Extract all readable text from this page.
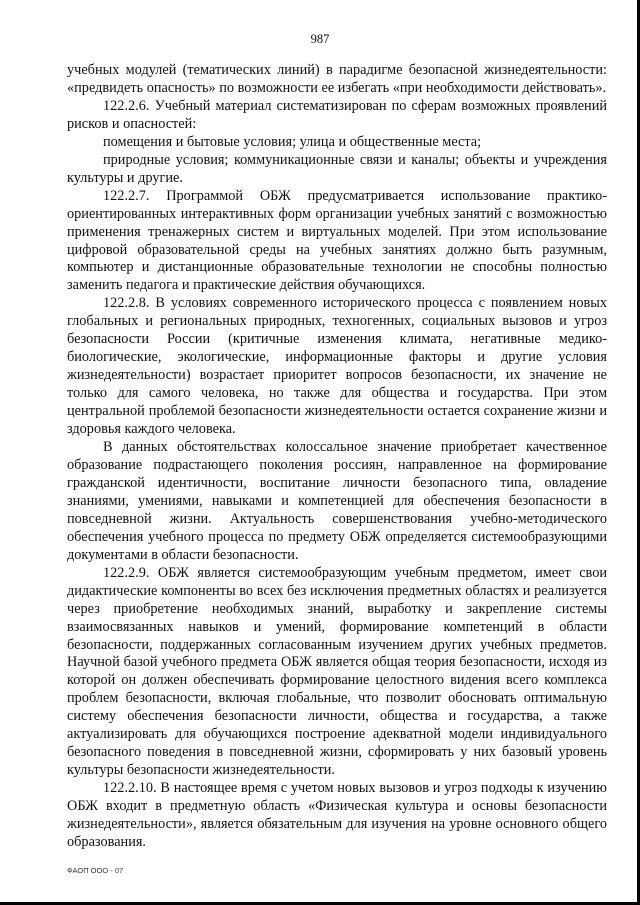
987

учебных модулей (тематических линий) в парадигме безопасной жизнедеятельности: «предвидеть опасность» по возможности ее избегать «при необходимости действовать».

122.2.6. Учебный материал систематизирован по сферам возможных проявлений рисков и опасностей:

помещения и бытовые условия; улица и общественные места;

природные условия; коммуникационные связи и каналы; объекты и учреждения культуры и другие.

122.2.7. Программой ОБЖ предусматривается использование практико-ориентированных интерактивных форм организации учебных занятий с возможностью применения тренажерных систем и виртуальных моделей. При этом использование цифровой образовательной среды на учебных занятиях должно быть разумным, компьютер и дистанционные образовательные технологии не способны полностью заменить педагога и практические действия обучающихся.

122.2.8. В условиях современного исторического процесса с появлением новых глобальных и региональных природных, техногенных, социальных вызовов и угроз безопасности России (критичные изменения климата, негативные медико-биологические, экологические, информационные факторы и другие условия жизнедеятельности) возрастает приоритет вопросов безопасности, их значение не только для самого человека, но также для общества и государства. При этом центральной проблемой безопасности жизнедеятельности остается сохранение жизни и здоровья каждого человека.

В данных обстоятельствах колоссальное значение приобретает качественное образование подрастающего поколения россиян, направленное на формирование гражданской идентичности, воспитание личности безопасного типа, овладение знаниями, умениями, навыками и компетенцией для обеспечения безопасности в повседневной жизни. Актуальность совершенствования учебно-методического обеспечения учебного процесса по предмету ОБЖ определяется системообразующими документами в области безопасности.

122.2.9. ОБЖ является системообразующим учебным предметом, имеет свои дидактические компоненты во всех без исключения предметных областях и реализуется через приобретение необходимых знаний, выработку и закрепление системы взаимосвязанных навыков и умений, формирование компетенций в области безопасности, поддержанных согласованным изучением других учебных предметов. Научной базой учебного предмета ОБЖ является общая теория безопасности, исходя из которой он должен обеспечивать формирование целостного видения всего комплекса проблем безопасности, включая глобальные, что позволит обосновать оптимальную систему обеспечения безопасности личности, общества и государства, а также актуализировать для обучающихся построение адекватной модели индивидуального безопасного поведения в повседневной жизни, сформировать у них базовый уровень культуры безопасности жизнедеятельности.

122.2.10. В настоящее время с учетом новых вызовов и угроз подходы к изучению ОБЖ входит в предметную область «Физическая культура и основы безопасности жизнедеятельности», является обязательным для изучения на уровне основного общего образования.

ФАОП ООО - 07
